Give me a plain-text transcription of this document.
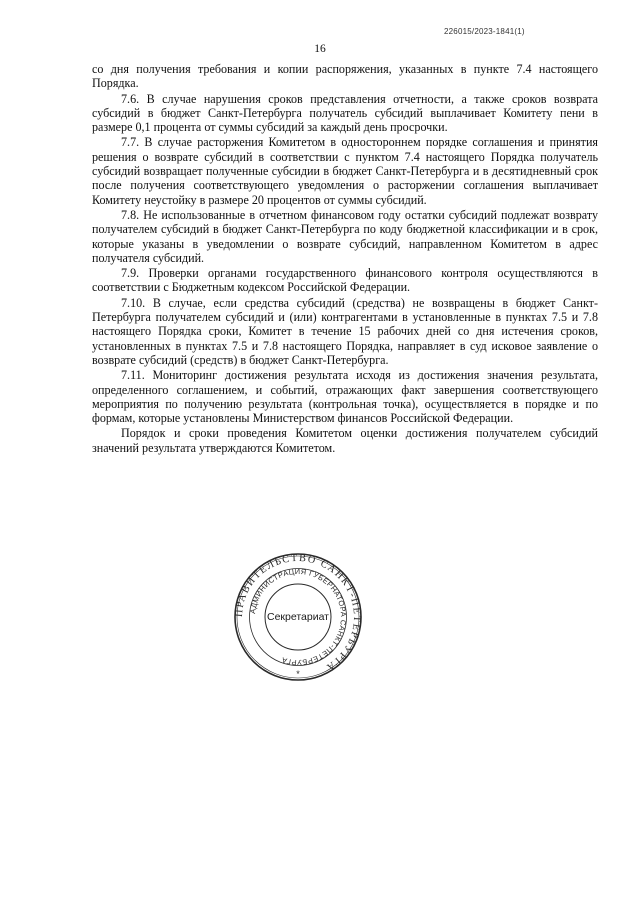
226015/2023-1841(1)
16

со дня получения требования и копии распоряжения, указанных в пункте 7.4 настоящего Порядка.

7.6. В случае нарушения сроков представления отчетности, а также сроков возврата субсидий в бюджет Санкт-Петербурга получатель субсидий выплачивает Комитету пени в размере 0,1 процента от суммы субсидий за каждый день просрочки.

7.7. В случае расторжения Комитетом в одностороннем порядке соглашения и принятия решения о возврате субсидий в соответствии с пунктом 7.4 настоящего Порядка получатель субсидий возвращает полученные субсидии в бюджет Санкт-Петербурга и в десятидневный срок после получения соответствующего уведомления о расторжении соглашения выплачивает Комитету неустойку в размере 20 процентов от суммы субсидий.

7.8. Не использованные в отчетном финансовом году остатки субсидий подлежат возврату получателем субсидий в бюджет Санкт-Петербурга по коду бюджетной классификации и в срок, которые указаны в уведомлении о возврате субсидий, направленном Комитетом в адрес получателя субсидий.

7.9. Проверки органами государственного финансового контроля осуществляются в соответствии с Бюджетным кодексом Российской Федерации.

7.10. В случае, если средства субсидий (средства) не возвращены в бюджет Санкт-Петербурга получателем субсидий и (или) контрагентами в установленные в пунктах 7.5 и 7.8 настоящего Порядка сроки, Комитет в течение 15 рабочих дней со дня истечения сроков, установленных в пунктах 7.5 и 7.8 настоящего Порядка, направляет в суд исковое заявление о возврате субсидий (средств) в бюджет Санкт-Петербурга.

7.11. Мониторинг достижения результата исходя из достижения значения результата, определенного соглашением, и событий, отражающих факт завершения соответствующего мероприятия по получению результата (контрольная точка), осуществляется в порядке и по формам, которые установлены Министерством финансов Российской Федерации.

Порядок и сроки проведения Комитетом оценки достижения получателем субсидий значений результата утверждаются Комитетом.

ПРАВИТЕЛЬСТВО САНКТ-ПЕТЕРБУРГА
АДМИНИСТРАЦИЯ ГУБЕРНАТОРА САНКТ-ПЕТЕРБУРГА
Секретариат
*
